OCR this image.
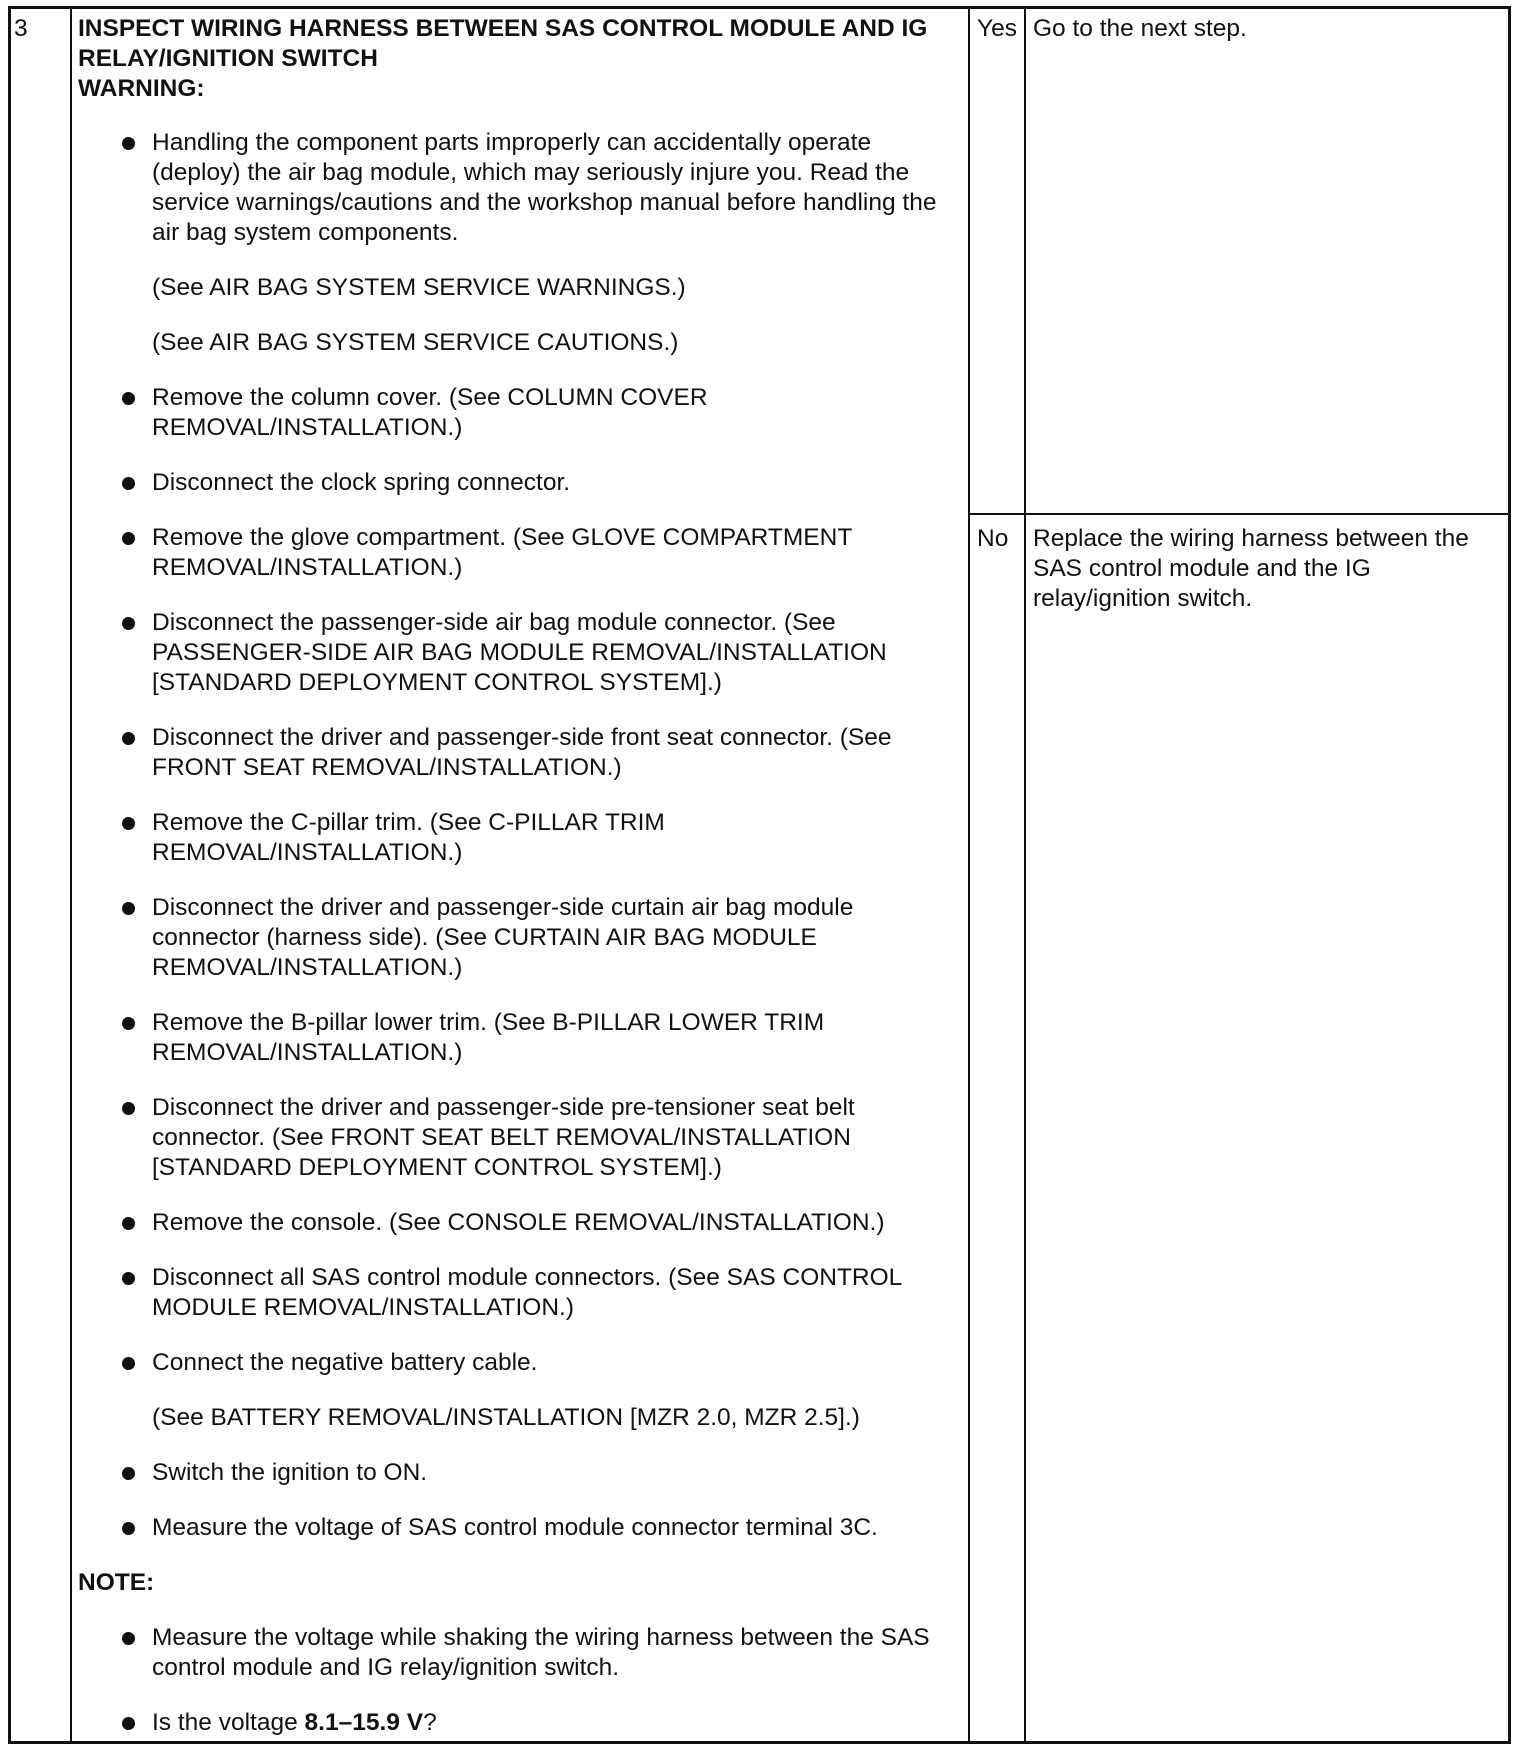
3 INSPECT WIRING HARNESS BETWEEN SAS CONTROL MODULE AND IG
RELAY/IGNITION SWITCH
WARNING:
Handling the component parts improperly can accidentally operate (deploy) the air bag module, which may seriously injure you. Read the service warnings/cautions and the workshop manual before handling the air bag system components.
(See AIR BAG SYSTEM SERVICE WARNINGS.)
(See AIR BAG SYSTEM SERVICE CAUTIONS.)
Remove the column cover. (See COLUMN COVER REMOVAL/INSTALLATION.)
Disconnect the clock spring connector.
Remove the glove compartment. (See GLOVE COMPARTMENT REMOVAL/INSTALLATION.)
Disconnect the passenger-side air bag module connector. (See PASSENGER-SIDE AIR BAG MODULE REMOVAL/INSTALLATION [STANDARD DEPLOYMENT CONTROL SYSTEM].)
Disconnect the driver and passenger-side front seat connector. (See FRONT SEAT REMOVAL/INSTALLATION.)
Remove the C-pillar trim. (See C-PILLAR TRIM REMOVAL/INSTALLATION.)
Disconnect the driver and passenger-side curtain air bag module connector (harness side). (See CURTAIN AIR BAG MODULE REMOVAL/INSTALLATION.)
Remove the B-pillar lower trim. (See B-PILLAR LOWER TRIM REMOVAL/INSTALLATION.)
Disconnect the driver and passenger-side pre-tensioner seat belt connector. (See FRONT SEAT BELT REMOVAL/INSTALLATION [STANDARD DEPLOYMENT CONTROL SYSTEM].)
Remove the console. (See CONSOLE REMOVAL/INSTALLATION.)
Disconnect all SAS control module connectors. (See SAS CONTROL MODULE REMOVAL/INSTALLATION.)
Connect the negative battery cable.
(See BATTERY REMOVAL/INSTALLATION [MZR 2.0, MZR 2.5].)
Switch the ignition to ON.
Measure the voltage of SAS control module connector terminal 3C.
NOTE:
Measure the voltage while shaking the wiring harness between the SAS control module and IG relay/ignition switch.
Is the voltage 8.1–15.9 V?
Yes Go to the next step.
No Replace the wiring harness between the SAS control module and the IG relay/ignition switch.
